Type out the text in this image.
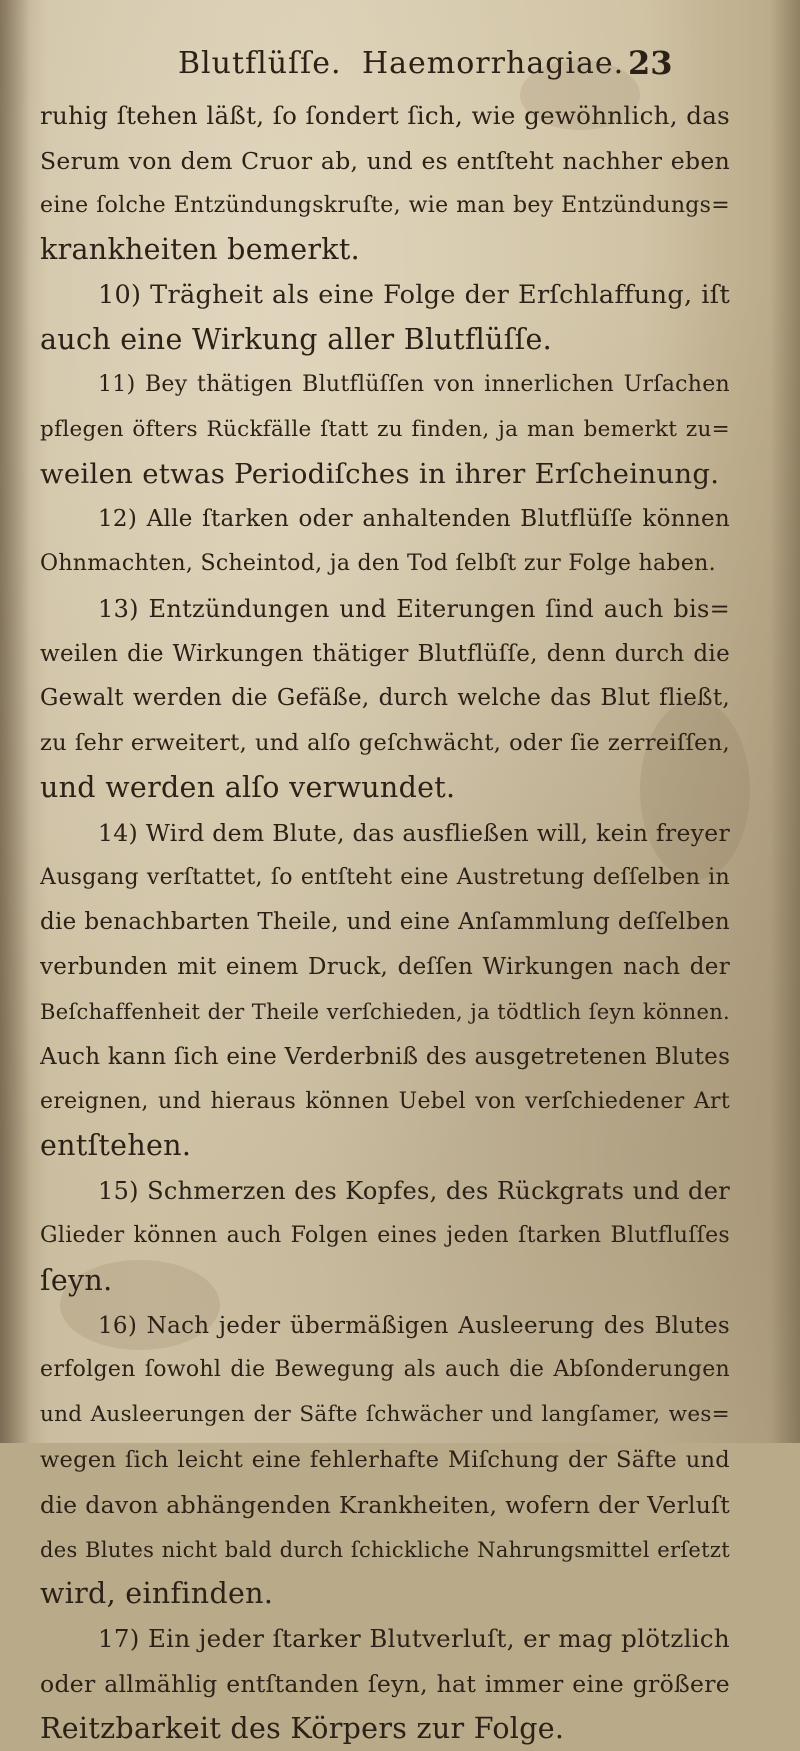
Blutflüſſe. Haemorrhagiae. 23
ruhig ſtehen läßt, ſo ſondert ſich, wie gewöhnlich, das
Serum von dem Cruor ab, und es entſteht nachher eben
eine ſolche Entzündungskruſte, wie man bey Entzündungs=
krankheiten bemerkt.
10) Trägheit als eine Folge der Erſchlaffung, iſt
auch eine Wirkung aller Blutflüſſe.
11) Bey thätigen Blutflüſſen von innerlichen Urſachen
pflegen öfters Rückfälle ſtatt zu finden, ja man bemerkt zu=
weilen etwas Periodiſches in ihrer Erſcheinung.
12) Alle ſtarken oder anhaltenden Blutflüſſe können
Ohnmachten, Scheintod, ja den Tod ſelbſt zur Folge haben.
13) Entzündungen und Eiterungen ſind auch bis=
weilen die Wirkungen thätiger Blutflüſſe, denn durch die
Gewalt werden die Gefäße, durch welche das Blut fließt,
zu ſehr erweitert, und alſo geſchwächt, oder ſie zerreiſſen,
und werden alſo verwundet.
14) Wird dem Blute, das ausfließen will, kein freyer
Ausgang verſtattet, ſo entſteht eine Austretung deſſelben in
die benachbarten Theile, und eine Anſammlung deſſelben
verbunden mit einem Druck, deſſen Wirkungen nach der
Beſchaffenheit der Theile verſchieden, ja tödtlich ſeyn können.
Auch kann ſich eine Verderbniß des ausgetretenen Blutes
ereignen, und hieraus können Uebel von verſchiedener Art
entſtehen.
15) Schmerzen des Kopfes, des Rückgrats und der
Glieder können auch Folgen eines jeden ſtarken Blutfluſſes
ſeyn.
16) Nach jeder übermäßigen Ausleerung des Blutes
erfolgen ſowohl die Bewegung als auch die Abſonderungen
und Ausleerungen der Säfte ſchwächer und langſamer, wes=
wegen ſich leicht eine fehlerhafte Miſchung der Säfte und
die davon abhängenden Krankheiten, wofern der Verluſt
des Blutes nicht bald durch ſchickliche Nahrungsmittel erſetzt
wird, einfinden.
17) Ein jeder ſtarker Blutverluſt, er mag plötzlich
oder allmählig entſtanden ſeyn, hat immer eine größere
Reitzbarkeit des Körpers zur Folge.
